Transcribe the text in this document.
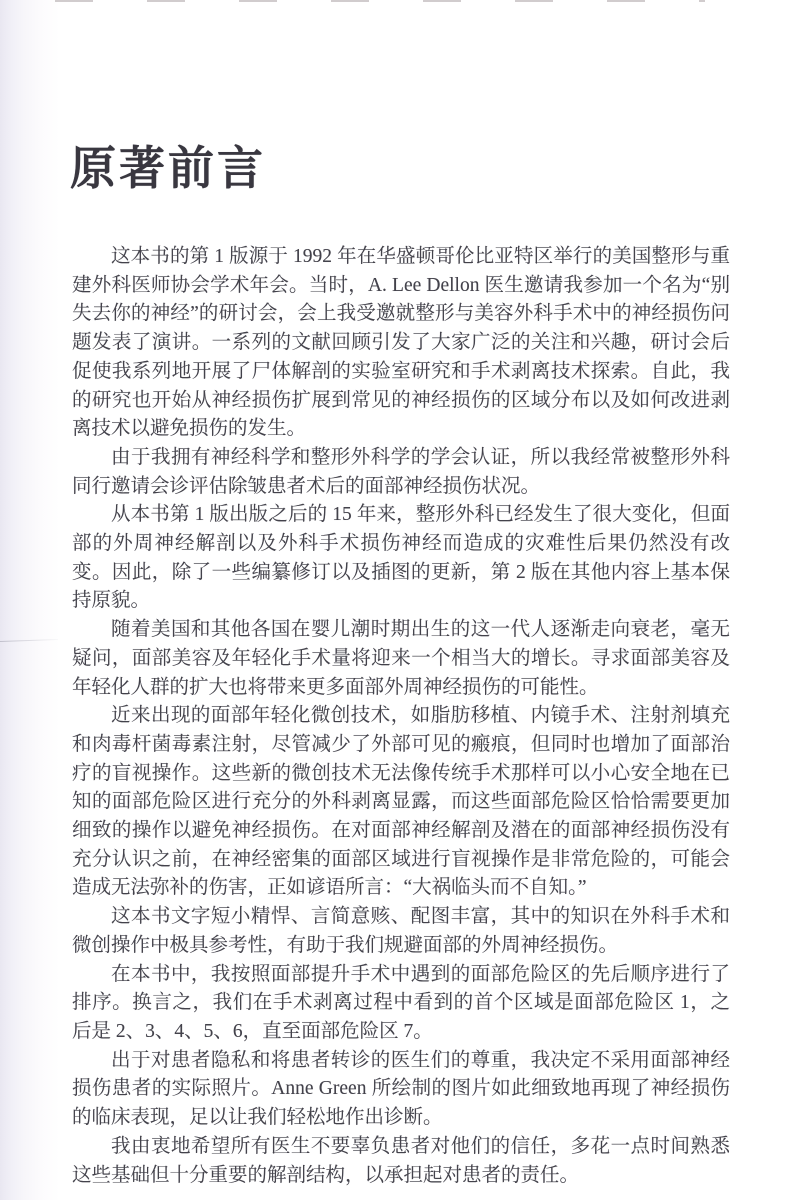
原著前言

这本书的第 1 版源于 1992 年在华盛顿哥伦比亚特区举行的美国整形与重建外科医师协会学术年会。当时，A. Lee Dellon 医生邀请我参加一个名为“别失去你的神经”的研讨会，会上我受邀就整形与美容外科手术中的神经损伤问题发表了演讲。一系列的文献回顾引发了大家广泛的关注和兴趣，研讨会后促使我系列地开展了尸体解剖的实验室研究和手术剥离技术探索。自此，我的研究也开始从神经损伤扩展到常见的神经损伤的区域分布以及如何改进剥离技术以避免损伤的发生。

由于我拥有神经科学和整形外科学的学会认证，所以我经常被整形外科同行邀请会诊评估除皱患者术后的面部神经损伤状况。

从本书第 1 版出版之后的 15 年来，整形外科已经发生了很大变化，但面部的外周神经解剖以及外科手术损伤神经而造成的灾难性后果仍然没有改变。因此，除了一些编纂修订以及插图的更新，第 2 版在其他内容上基本保持原貌。

随着美国和其他各国在婴儿潮时期出生的这一代人逐渐走向衰老，毫无疑问，面部美容及年轻化手术量将迎来一个相当大的增长。寻求面部美容及年轻化人群的扩大也将带来更多面部外周神经损伤的可能性。

近来出现的面部年轻化微创技术，如脂肪移植、内镜手术、注射剂填充和肉毒杆菌毒素注射，尽管减少了外部可见的瘢痕，但同时也增加了面部治疗的盲视操作。这些新的微创技术无法像传统手术那样可以小心安全地在已知的面部危险区进行充分的外科剥离显露，而这些面部危险区恰恰需要更加细致的操作以避免神经损伤。在对面部神经解剖及潜在的面部神经损伤没有充分认识之前，在神经密集的面部区域进行盲视操作是非常危险的，可能会造成无法弥补的伤害，正如谚语所言：“大祸临头而不自知。”

这本书文字短小精悍、言简意赅、配图丰富，其中的知识在外科手术和微创操作中极具参考性，有助于我们规避面部的外周神经损伤。

在本书中，我按照面部提升手术中遇到的面部危险区的先后顺序进行了排序。换言之，我们在手术剥离过程中看到的首个区域是面部危险区 1，之后是 2、3、4、5、6，直至面部危险区 7。

出于对患者隐私和将患者转诊的医生们的尊重，我决定不采用面部神经损伤患者的实际照片。Anne Green 所绘制的图片如此细致地再现了神经损伤的临床表现，足以让我们轻松地作出诊断。

我由衷地希望所有医生不要辜负患者对他们的信任，多花一点时间熟悉这些基础但十分重要的解剖结构，以承担起对患者的责任。
